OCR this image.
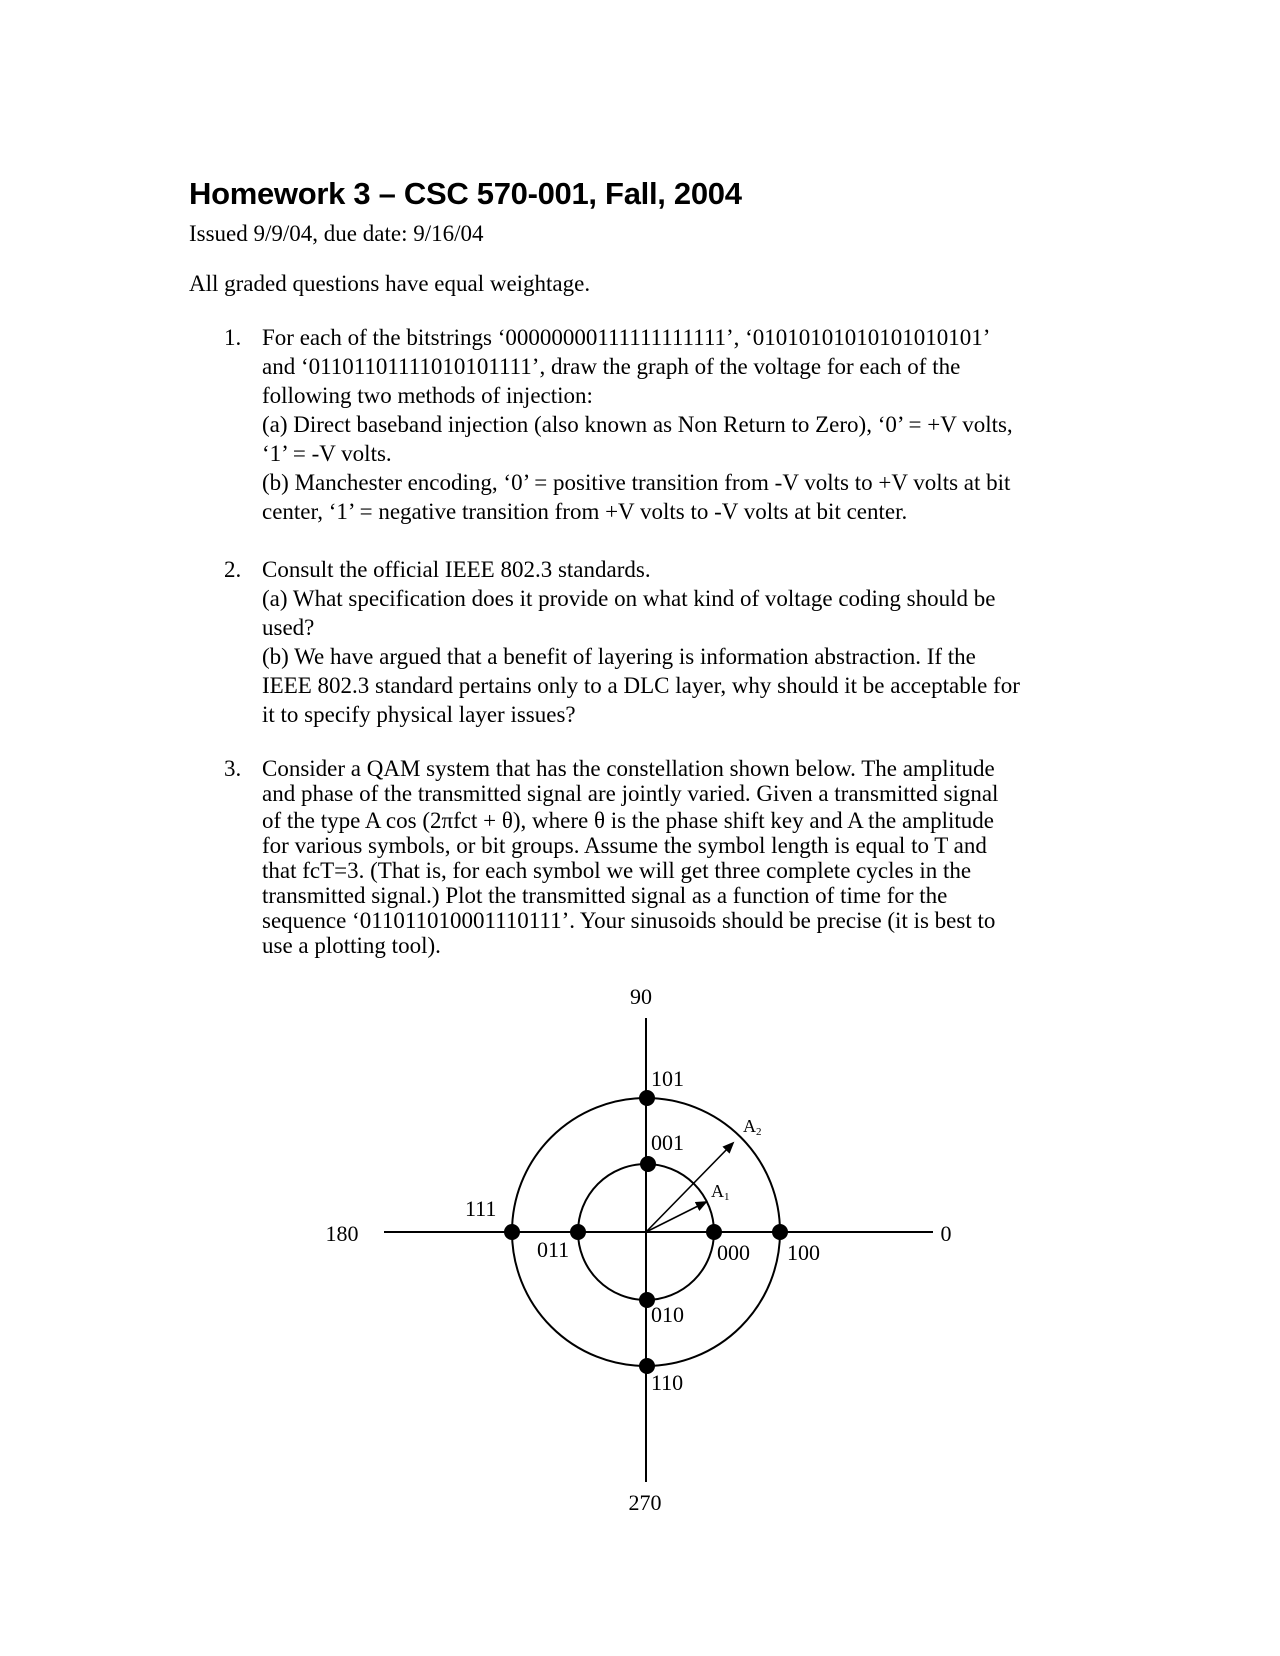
Homework 3 – CSC 570-001, Fall, 2004
Issued 9/9/04, due date: 9/16/04
All graded questions have equal weightage.
1. For each of the bitstrings ‘00000000111111111111’, ‘01010101010101010101’
and ‘01101101111010101111’, draw the graph of the voltage for each of the
following two methods of injection:
(a) Direct baseband injection (also known as Non Return to Zero), ‘0’ = +V volts,
‘1’ = -V volts.
(b) Manchester encoding, ‘0’ = positive transition from -V volts to +V volts at bit
center, ‘1’ = negative transition from +V volts to -V volts at bit center.
2. Consult the official IEEE 802.3 standards.
(a) What specification does it provide on what kind of voltage coding should be
used?
(b) We have argued that a benefit of layering is information abstraction. If the
IEEE 802.3 standard pertains only to a DLC layer, why should it be acceptable for
it to specify physical layer issues?
3. Consider a QAM system that has the constellation shown below. The amplitude
and phase of the transmitted signal are jointly varied. Given a transmitted signal
of the type A cos (2πfct + θ), where θ is the phase shift key and A the amplitude
for various symbols, or bit groups. Assume the symbol length is equal to T and
that fcT=3. (That is, for each symbol we will get three complete cycles in the
transmitted signal.) Plot the transmitted signal as a function of time for the
sequence ‘011011010001110111’. Your sinusoids should be precise (it is best to
use a plotting tool).
90
180	0
270
101
001
111
011	000 100
010
110
A2
A1
